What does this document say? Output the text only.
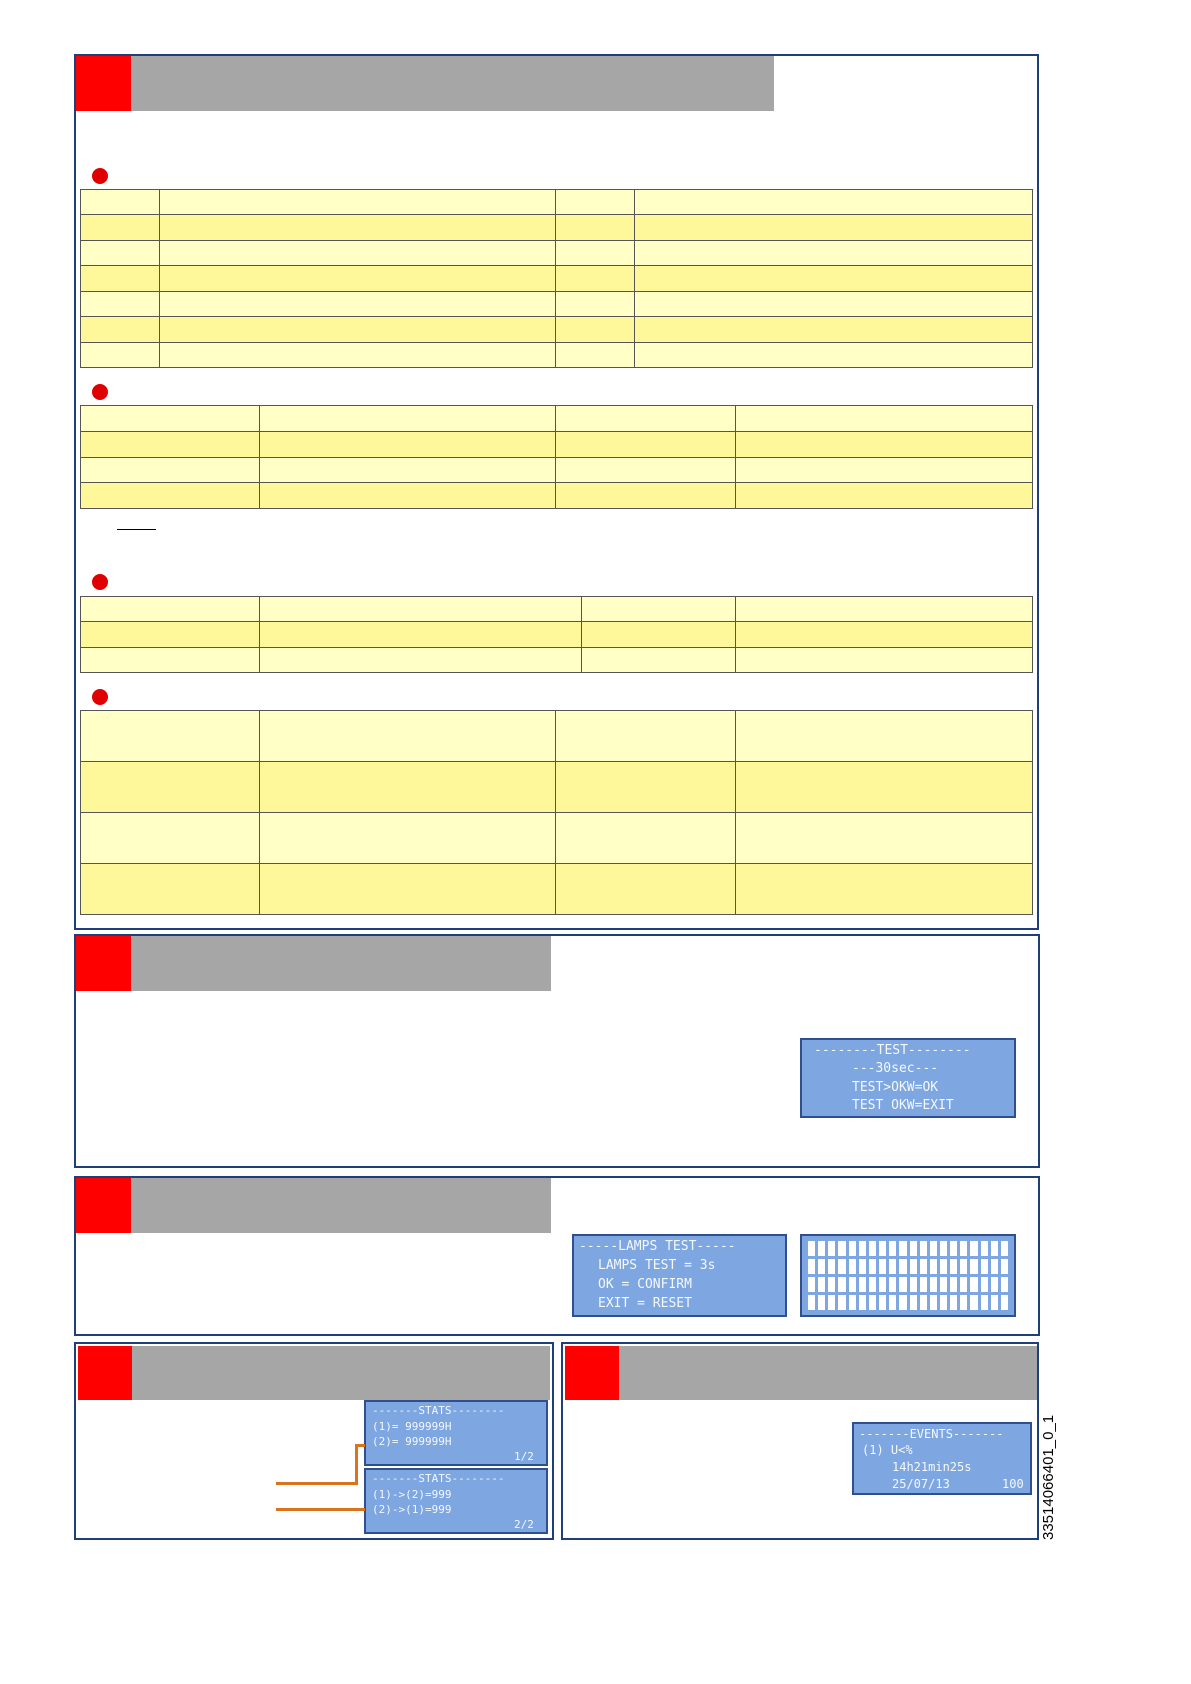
--------TEST--------

---30sec---

TEST>OKW=OK

TEST OKW=EXIT

-----LAMPS TEST-----

LAMPS TEST = 3s

OK = CONFIRM

EXIT = RESET

-------STATS--------

(1)= 999999H

(2)= 999999H

1/2

-------STATS--------

(1)->(2)=999

(2)->(1)=999

2/2

-------EVENTS-------

(1) U<%

14h21min25s

25/07/13

	100	33514066401_0_1
